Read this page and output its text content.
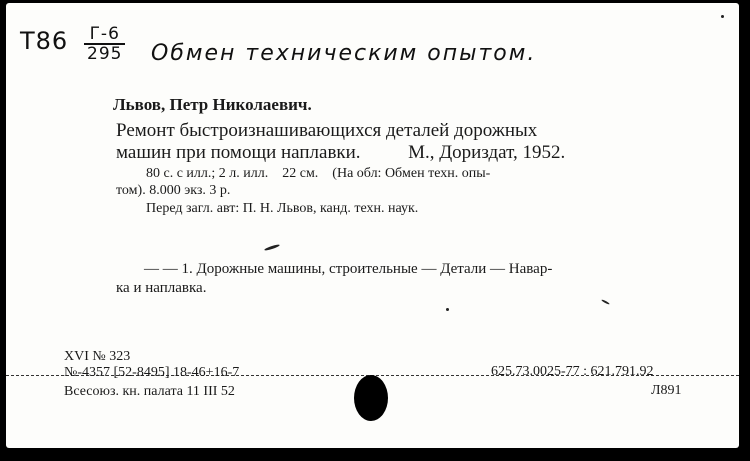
Т86	Г-6
295 Обмен техническим опытом.
Львов, Петр Николаевич.
Ремонт быстроизнашивающихся деталей дорожных
машин при помощи наплавки.	М., Дориздат, 1952.
80 с. с илл.; 2 л. илл.    22 см.    (На обл: Обмен техн. опы-
том). 8.000 экз. 3 р.
Перед загл. авт: П. Н. Львов, канд. техн. наук.
— — 1. Дорожные машины, строительные — Детали — Навар-
ка и наплавка.
XVI № 323
№-4357 [52-8495] 18-46+16-7
Всесоюз. кн. палата 11 III 52
625.73.0025-77 : 621.791.92
Л891
